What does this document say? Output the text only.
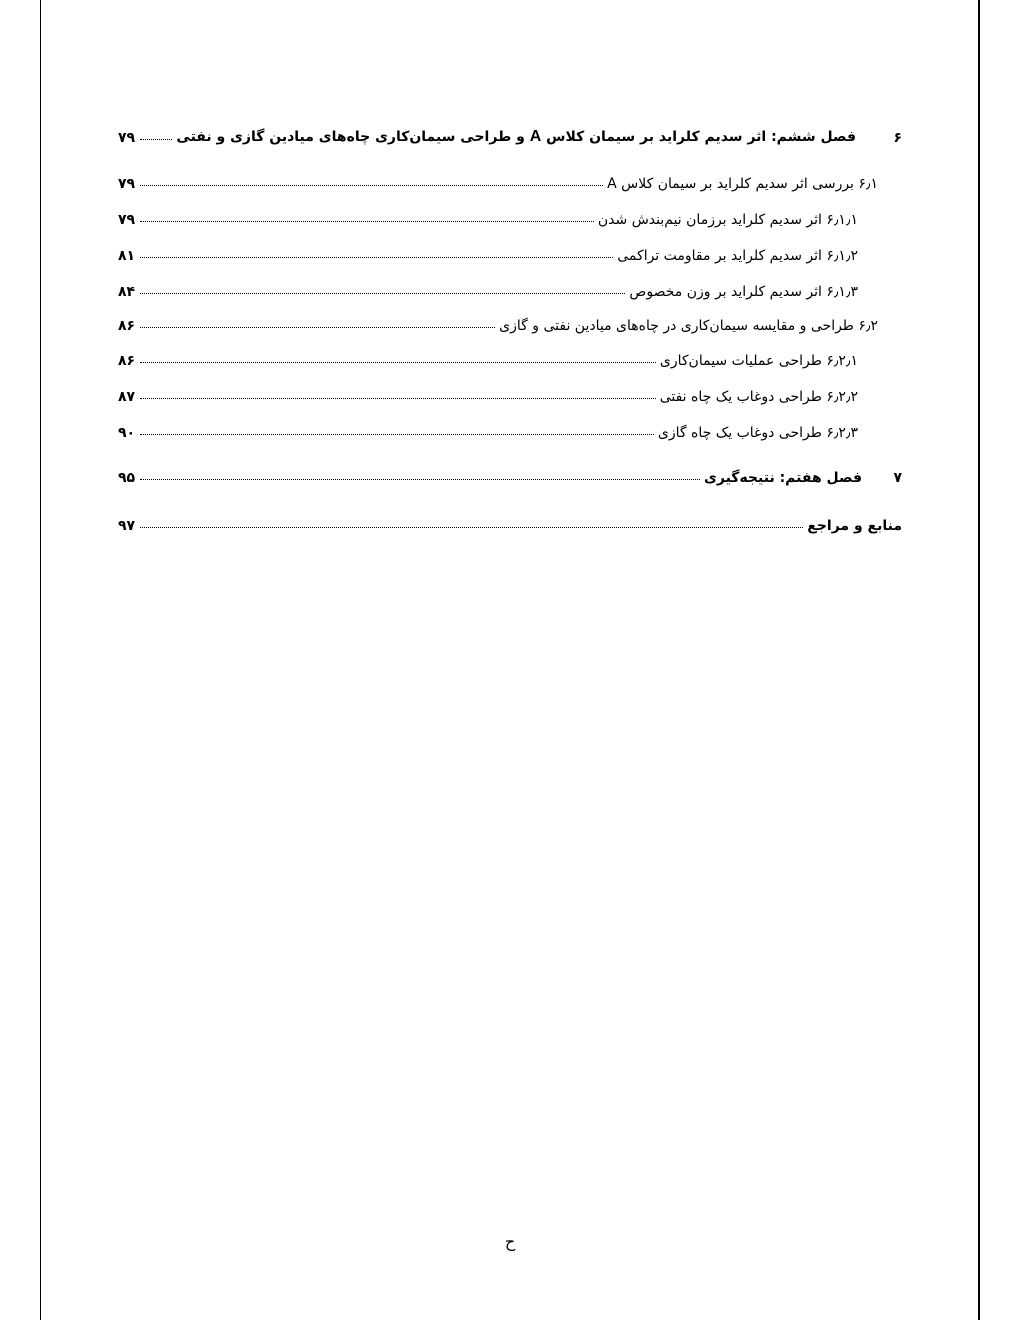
۶
فصل ششم: اثر سدیم کلراید بر سیمان کلاس A و طراحی سیمان‌کاری چاه‌های میادین گازی و نفتی
۷۹
۶٫۱ بررسی اثر سدیم کلراید بر سیمان کلاس A
۷۹
۶٫۱٫۱ اثر سدیم کلراید برزمان نیم‌بندش شدن
۷۹
۶٫۱٫۲ اثر سدیم کلراید بر مقاومت تراکمی
۸۱
۶٫۱٫۳ اثر سدیم کلراید بر وزن مخصوص
۸۴
۶٫۲ طراحی و مقایسه سیمان‌کاری در چاه‌های میادین نفتی و گازی
۸۶
۶٫۲٫۱ طراحی عملیات سیمان‌کاری
۸۶
۶٫۲٫۲ طراحی دوغاب یک چاه نفتی
۸۷
۶٫۲٫۳ طراحی دوغاب یک چاه گازی
۹۰
۷
فصل هفتم: نتیجه‌گیری
۹۵
منابع و مراجع
۹۷
ح
